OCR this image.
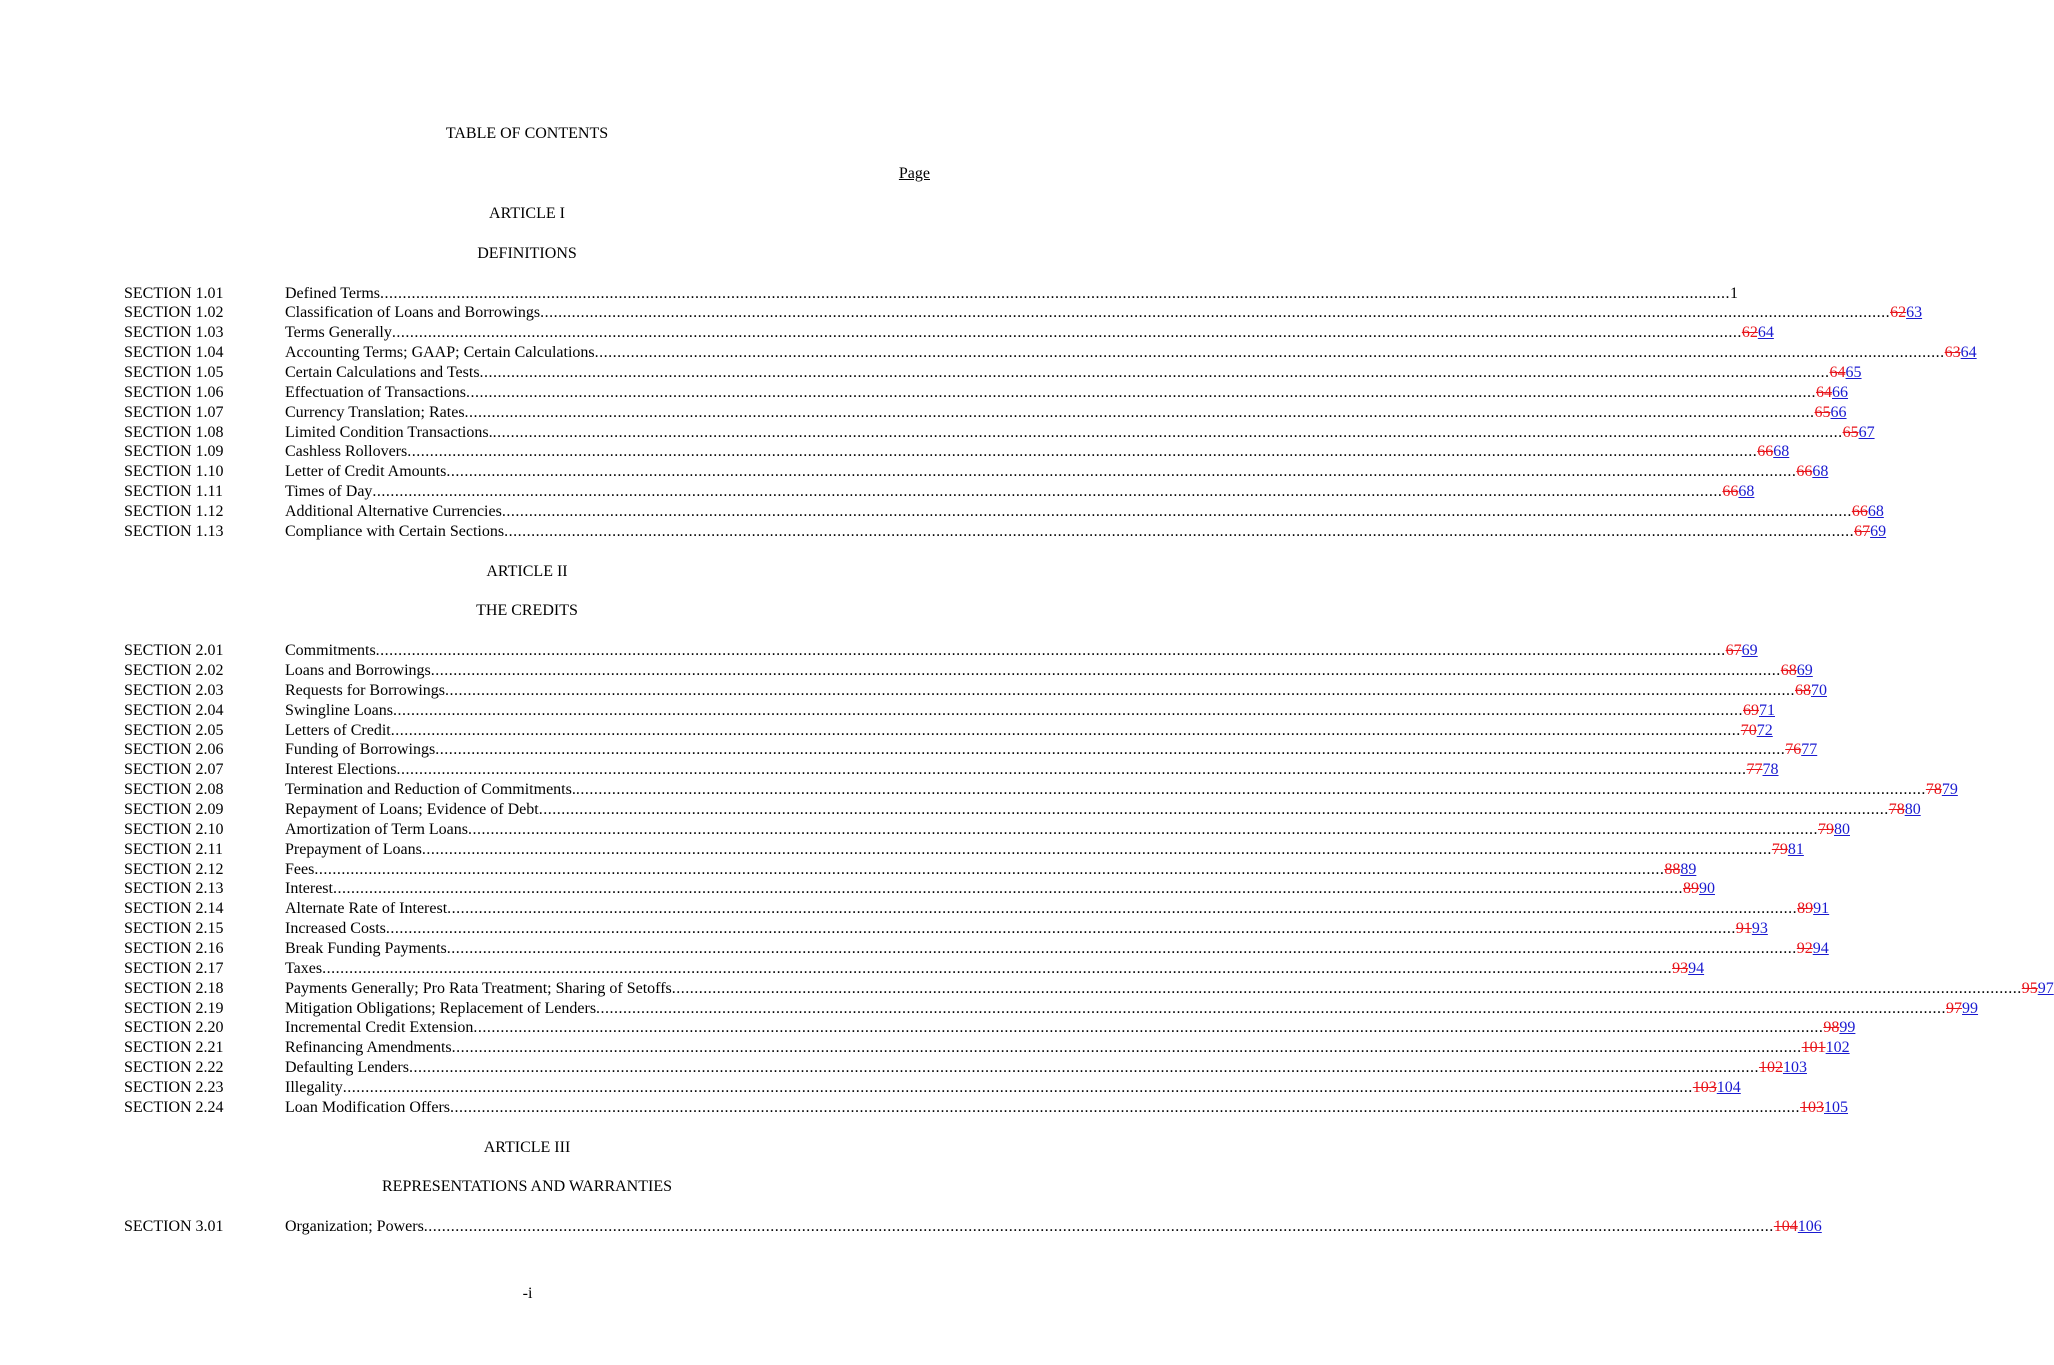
TABLE OF CONTENTS
Page
ARTICLE I
DEFINITIONS
SECTION 1.01	Defined Terms ............................................................................................................................................................................................................................................................................................................ 1
SECTION 1.02	Classification of Loans and Borrowings ............................................................................................................................................................................................................................................................................................................ 62 63
SECTION 1.03	Terms Generally ............................................................................................................................................................................................................................................................................................................ 62 64
SECTION 1.04	Accounting Terms; GAAP; Certain Calculations ............................................................................................................................................................................................................................................................................................................ 63 64
SECTION 1.05	Certain Calculations and Tests ............................................................................................................................................................................................................................................................................................................ 64 65
SECTION 1.06	Effectuation of Transactions ............................................................................................................................................................................................................................................................................................................ 64 66
SECTION 1.07	Currency Translation; Rates ............................................................................................................................................................................................................................................................................................................ 65 66
SECTION 1.08	Limited Condition Transactions. ............................................................................................................................................................................................................................................................................................................ 65 67
SECTION 1.09	Cashless Rollovers ............................................................................................................................................................................................................................................................................................................ 66 68
SECTION 1.10	Letter of Credit Amounts ............................................................................................................................................................................................................................................................................................................ 66 68
SECTION 1.11	Times of Day ............................................................................................................................................................................................................................................................................................................ 66 68
SECTION 1.12	Additional Alternative Currencies ............................................................................................................................................................................................................................................................................................................ 66 68
SECTION 1.13	Compliance with Certain Sections ............................................................................................................................................................................................................................................................................................................ 67 69
ARTICLE II
THE CREDITS
SECTION 2.01	Commitments ............................................................................................................................................................................................................................................................................................................ 67 69
SECTION 2.02	Loans and Borrowings ............................................................................................................................................................................................................................................................................................................ 68 69
SECTION 2.03	Requests for Borrowings ............................................................................................................................................................................................................................................................................................................ 68 70
SECTION 2.04	Swingline Loans ............................................................................................................................................................................................................................................................................................................ 69 71
SECTION 2.05	Letters of Credit ............................................................................................................................................................................................................................................................................................................ 70 72
SECTION 2.06	Funding of Borrowings ............................................................................................................................................................................................................................................................................................................ 76 77
SECTION 2.07	Interest Elections ............................................................................................................................................................................................................................................................................................................ 77 78
SECTION 2.08	Termination and Reduction of Commitments. ............................................................................................................................................................................................................................................................................................................ 78 79
SECTION 2.09	Repayment of Loans; Evidence of Debt ............................................................................................................................................................................................................................................................................................................ 78 80
SECTION 2.10	Amortization of Term Loans ............................................................................................................................................................................................................................................................................................................ 79 80
SECTION 2.11	Prepayment of Loans ............................................................................................................................................................................................................................................................................................................ 79 81
SECTION 2.12	Fees ............................................................................................................................................................................................................................................................................................................ 88 89
SECTION 2.13	Interest ............................................................................................................................................................................................................................................................................................................ 89 90
SECTION 2.14	Alternate Rate of Interest ............................................................................................................................................................................................................................................................................................................ 89 91
SECTION 2.15	Increased Costs ............................................................................................................................................................................................................................................................................................................ 91 93
SECTION 2.16	Break Funding Payments ............................................................................................................................................................................................................................................................................................................ 92 94
SECTION 2.17	Taxes ............................................................................................................................................................................................................................................................................................................ 93 94
SECTION 2.18	Payments Generally; Pro Rata Treatment; Sharing of Setoffs ............................................................................................................................................................................................................................................................................................................ 95 97
SECTION 2.19	Mitigation Obligations; Replacement of Lenders ............................................................................................................................................................................................................................................................................................................ 97 99
SECTION 2.20	Incremental Credit Extension ............................................................................................................................................................................................................................................................................................................ 98 99
SECTION 2.21	Refinancing Amendments ............................................................................................................................................................................................................................................................................................................ 101 102
SECTION 2.22	Defaulting Lenders ............................................................................................................................................................................................................................................................................................................ 102 103
SECTION 2.23	Illegality ............................................................................................................................................................................................................................................................................................................ 103 104
SECTION 2.24	Loan Modification Offers ............................................................................................................................................................................................................................................................................................................ 103 105
ARTICLE III
REPRESENTATIONS AND WARRANTIES
SECTION 3.01	Organization; Powers ............................................................................................................................................................................................................................................................................................................ 104 106
-i
